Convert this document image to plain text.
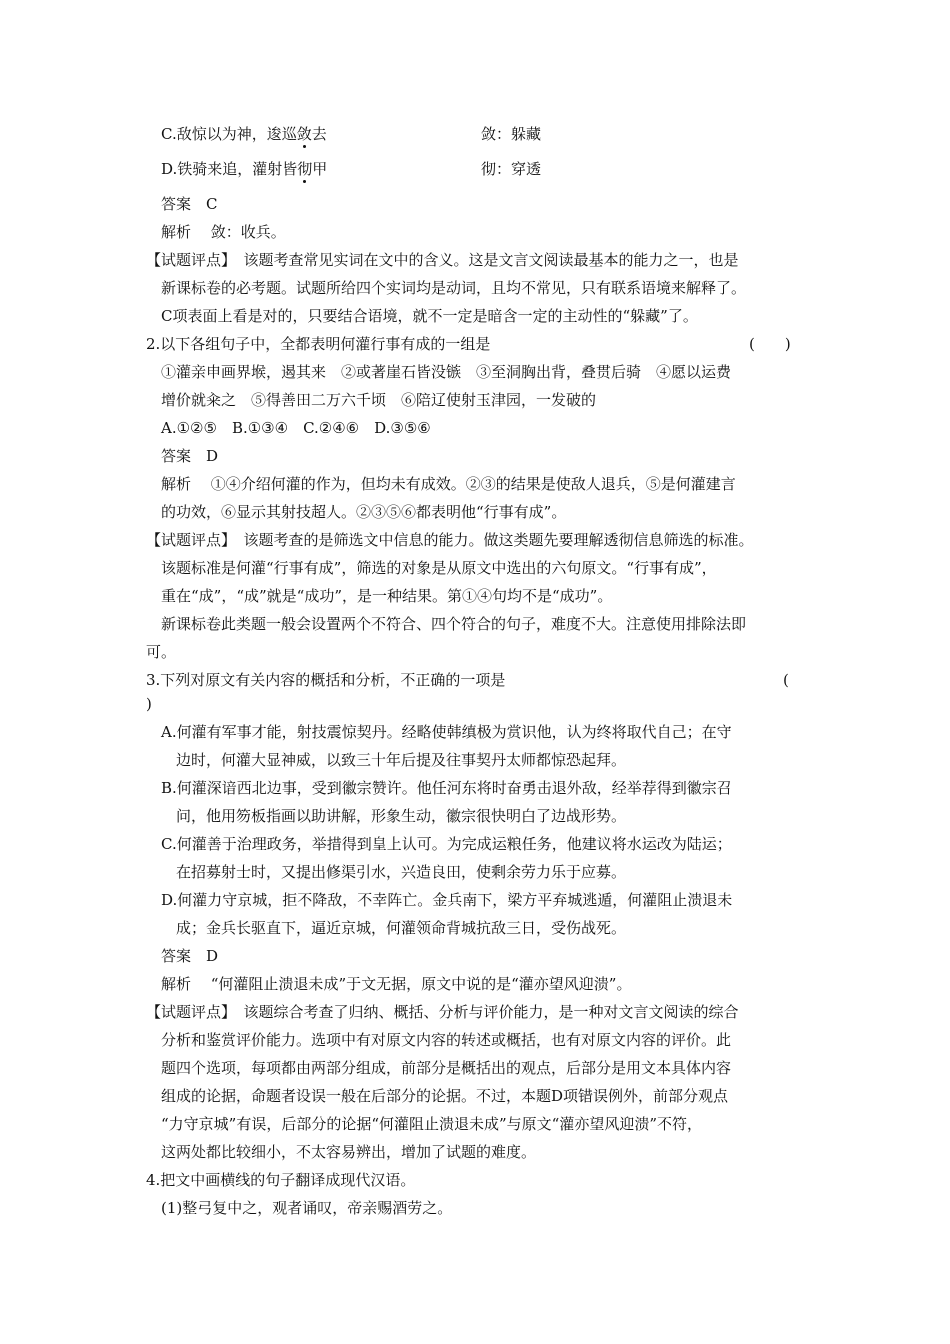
C.敌惊以为神，逡巡敛去	敛：躲藏
D.铁骑来追，灌射皆彻甲	彻：穿透
答案　C
解析　 敛：收兵。
【试题评点】　该题考查常见实词在文中的含义。这是文言文阅读最基本的能力之一，也是
新课标卷的必考题。试题所给四个实词均是动词，且均不常见，只有联系语境来解释了。
C项表面上看是对的，只要结合语境，就不一定是暗含一定的主动性的“躲藏”了。
2.以下各组句子中，全都表明何灌行事有成的一组是	(　　)
①灌亲申画界堠，遏其来　②或著崖石皆没镞　③至洞胸出背，叠贯后骑　④愿以运费
增价就籴之　⑤得善田二万六千顷　⑥陪辽使射玉津园，一发破的
A.①②⑤　B.①③④　C.②④⑥　D.③⑤⑥
答案　D
解析　 ①④介绍何灌的作为，但均未有成效。②③的结果是使敌人退兵，⑤是何灌建言
的功效，⑥显示其射技超人。②③⑤⑥都表明他“行事有成”。
【试题评点】　该题考查的是筛选文中信息的能力。做这类题先要理解透彻信息筛选的标准。
该题标准是何灌“行事有成”，筛选的对象是从原文中选出的六句原文。“行事有成”，
重在“成”，“成”就是“成功”，是一种结果。第①④句均不是“成功”。
新课标卷此类题一般会设置两个不符合、四个符合的句子，难度不大。注意使用排除法即
可。
3.下列对原文有关内容的概括和分析，不正确的一项是	(
)
A.何灌有军事才能，射技震惊契丹。经略使韩缜极为赏识他，认为终将取代自己；在守
边时，何灌大显神威，以致三十年后提及往事契丹太师都惊恐起拜。
B.何灌深谙西北边事，受到徽宗赞许。他任河东将时奋勇击退外敌，经举荐得到徽宗召
问，他用笏板指画以助讲解，形象生动，徽宗很快明白了边战形势。
C.何灌善于治理政务，举措得到皇上认可。为完成运粮任务，他建议将水运改为陆运；
在招募射士时，又提出修渠引水，兴造良田，使剩余劳力乐于应募。
D.何灌力守京城，拒不降敌，不幸阵亡。金兵南下，梁方平弃城逃遁，何灌阻止溃退未
成；金兵长驱直下，逼近京城，何灌领命背城抗敌三日，受伤战死。
答案　D
解析　 “何灌阻止溃退未成”于文无据，原文中说的是“灌亦望风迎溃”。
【试题评点】　该题综合考查了归纳、概括、分析与评价能力，是一种对文言文阅读的综合
分析和鉴赏评价能力。选项中有对原文内容的转述或概括，也有对原文内容的评价。此
题四个选项，每项都由两部分组成，前部分是概括出的观点，后部分是用文本具体内容
组成的论据，命题者设误一般在后部分的论据。不过，本题D项错误例外，前部分观点
“力守京城”有误，后部分的论据“何灌阻止溃退未成”与原文“灌亦望风迎溃”不符，
这两处都比较细小，不太容易辨出，增加了试题的难度。
4.把文中画横线的句子翻译成现代汉语。
(1)整弓复中之，观者诵叹，帝亲赐酒劳之。
